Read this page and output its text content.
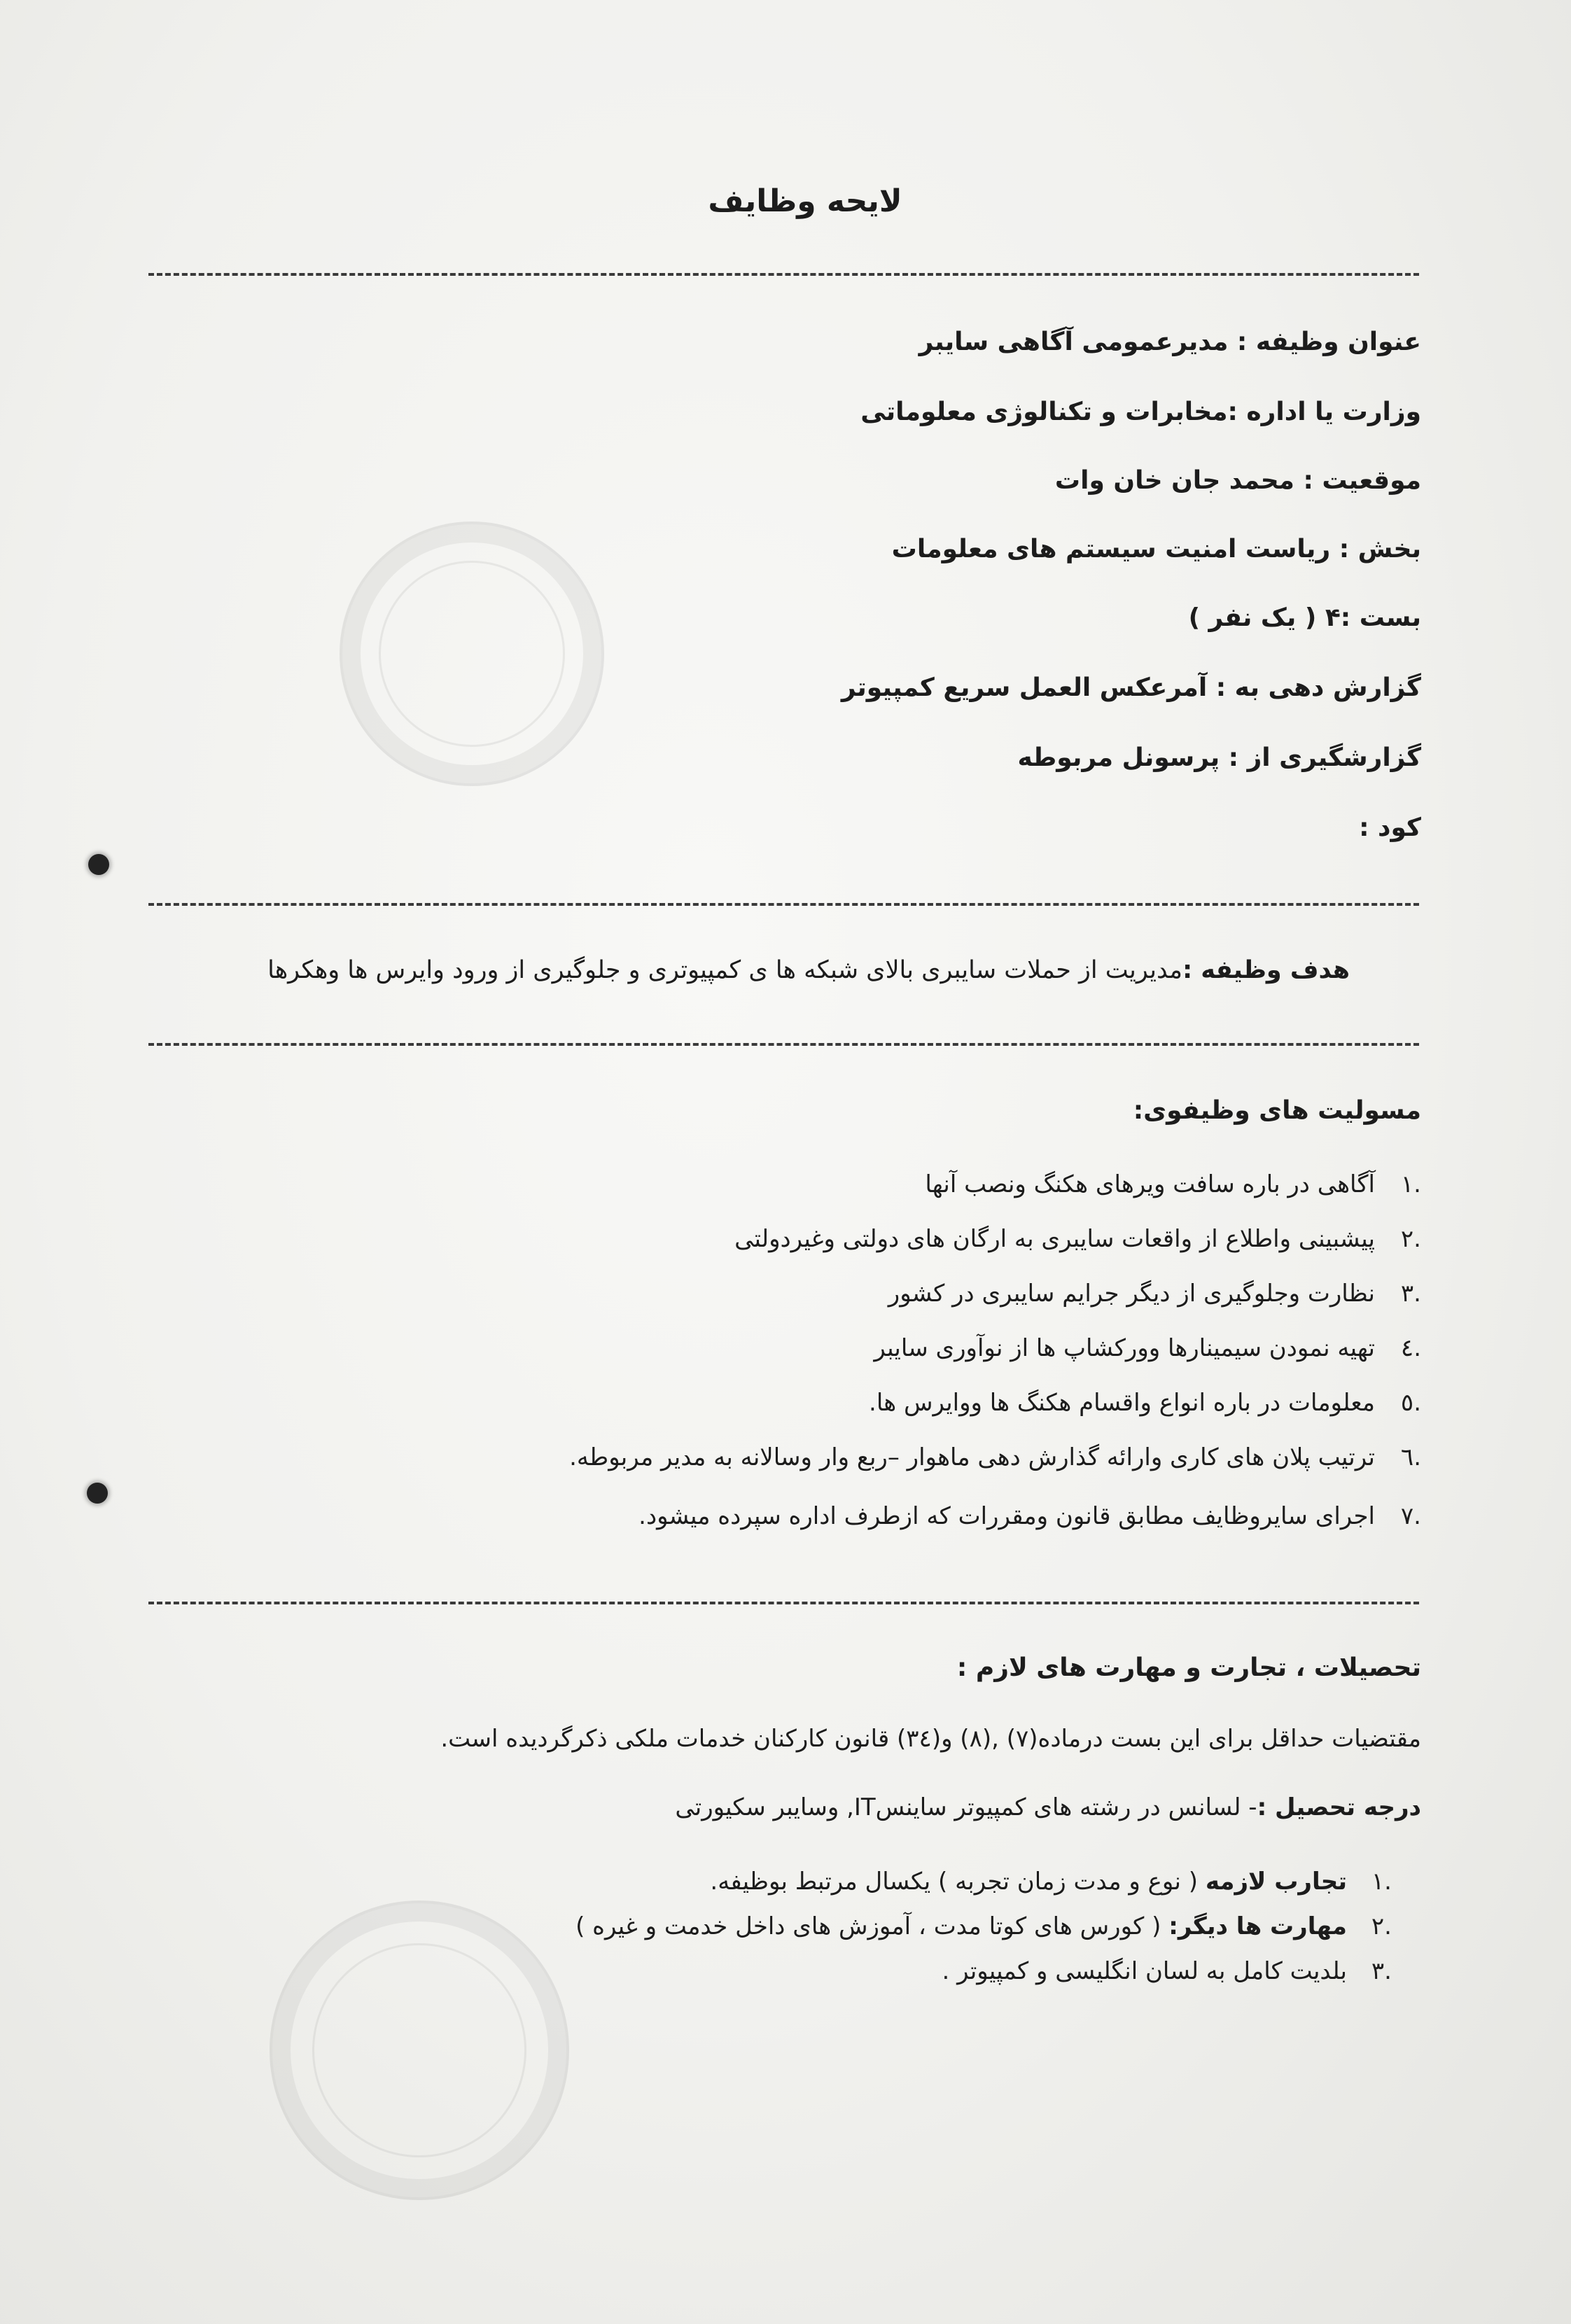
لایحه وظایف
عنوان وظیفه : مدیرعمومی آگاهی سایبر
وزارت یا اداره :مخابرات و تکنالوژی معلوماتی
موقعیت : محمد جان خان وات
بخش : ریاست امنیت سیستم های معلومات
بست :۴ ( یک نفر )
گزارش دهی به : آمرعکس العمل سریع کمپیوتر
گزارشگیری از : پرسونل مربوطه
کود :
هدف وظیفه :مدیریت از حملات سایبری بالای شبکه ها ی کمپیوتری و جلوگیری از ورود وایرس ها وهکرها
مسولیت های وظیفوی:
۱.
آگاهی در باره سافت ویرهای هکنگ ونصب آنها
۲.
پیشبینی واطلاع از واقعات سایبری به ارگان های دولتی وغیردولتی
۳.
نظارت وجلوگیری از دیگر جرایم سایبری در کشور
٤.
تهیه نمودن سیمینارها وورکشاپ ها از نوآوری سایبر
٥.
معلومات در باره انواع واقسام هکنگ ها ووایرس ها.
٦.
ترتیب پلان های کاری وارائه گذارش دهی ماهوار –ربع وار وسالانه به مدیر مربوطه.
۷.
اجرای سایروظایف مطابق قانون ومقررات که ازطرف اداره سپرده میشود.
تحصیلات ، تجارت و مهارت های لازم :
مقتضیات حداقل برای این بست درماده(۷) ,(۸) و(٣٤) قانون کارکنان خدمات ملکی ذکرگردیده است.
درجه تحصیل :- لسانس در رشته های کمپیوتر ساینسIT, وسایبر سکیورتی
۱.
تجارب لازمه ( نوع و مدت زمان تجربه ) یکسال مرتبط بوظیفه.
۲.
مهارت ها دیگر: ( کورس های کوتا مدت ، آموزش های داخل خدمت و غیره )
۳.
بلدیت کامل به لسان انگلیسی و کمپیوتر .
